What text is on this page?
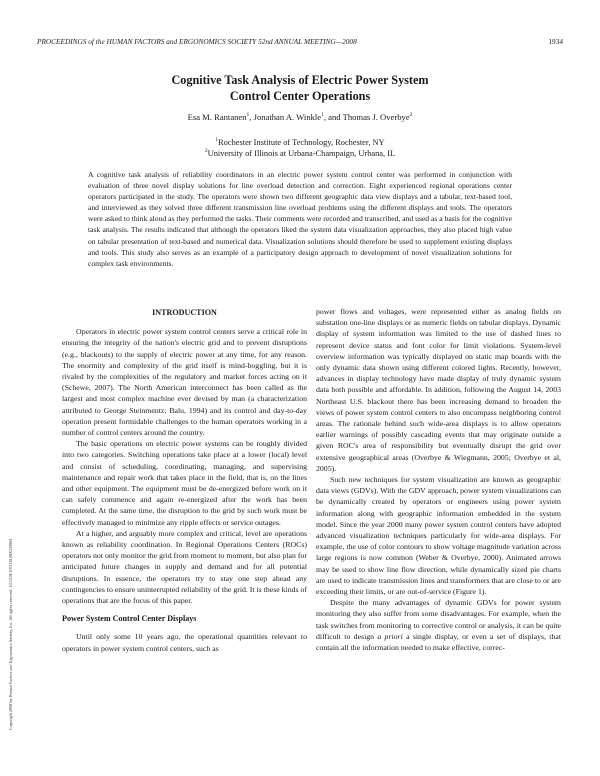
PROCEEDINGS of the HUMAN FACTORS and ERGONOMICS SOCIETY 52nd ANNUAL MEETING—2008	1934
Cognitive Task Analysis of Electric Power System
Control Center Operations
Esa M. Rantanen$^1$, Jonathan A. Winkle$^1$, and Thomas J. Overbye$^2$
$^1$Rochester Institute of Technology, Rochester, NY
$^2$University of Illinois at Urbana-Champaign, Urbana, IL

A cognitive task analysis of reliability coordinators in an electric power system control center was performed in conjunction with evaluation of three novel display solutions for line overload detection and correction. Eight experienced regional operations center operators participated in the study. The operators were shown two different geographic data view displays and a tabular, text-based tool, and interviewed as they solved three different transmission line overload problems using the different displays and tools. The operators were asked to think aloud as they performed the tasks. Their comments were recorded and transcribed, and used as a basis for the cognitive task analysis. The results indicated that although the operators liked the system data visualization approaches, they also placed high value on tabular presentation of text-based and numerical data. Visualization solutions should therefore be used to supplement existing displays and tools. This study also serves as an example of a participatory design approach to development of novel visualization solutions for complex task environments.

Copyright 2008 by Human Factors and Ergonomics Society, Inc. All rights reserved. 10.1518/107118108X350861
INTRODUCTION

Operators in electric power system control centers serve a critical role in ensuring the integrity of the nation's electric grid and to prevent disruptions (e.g., blackouts) to the supply of electric power at any time, for any reason. The enormity and complexity of the grid itself is mind-boggling, but it is rivaled by the complexities of the regulatory and market forces acting on it (Schewe, 2007). The North American interconnect has been called as the largest and most complex machine ever devised by man (a characterization attributed to George Steinmentz; Balu, 1994) and its control and day-to-day operation present formidable challenges to the human operators working in a number of control centers around the country.

The basic operations on electric power systems can be roughly divided into two categories. Switching operations take place at a lower (local) level and consist of scheduling, coordinating, managing, and supervising maintenance and repair work that takes place in the field, that is, on the lines and other equipment. The equipment must be de-energized before work on it can safely commence and again re-energized after the work has been completed. At the same time, the disruption to the grid by such work must be effectively managed to minimize any ripple effects or service outages.

At a higher, and arguably more complex and critical, level are operations known as reliability coordination. In Regional Operations Centers (ROCs) operators not only monitor the grid from moment to moment, but also plan for anticipated future changes in supply and demand and for all potential disruptions. In essence, the operators try to stay one step ahead any contingencies to ensure uninterrupted reliability of the grid. It is these kinds of operations that are the focus of this paper.

Power System Control Center Displays

Until only some 10 years ago, the operational quantities relevant to operators in power system control centers, such as

power flows and voltages, were represented either as analog fields on substation one-line displays or as numeric fields on tabular displays. Dynamic display of system information was limited to the use of dashed lines to represent device status and font color for limit violations. System-level overview information was typically displayed on static map boards with the only dynamic data shown using different colored lights. Recently, however, advances in display technology have made display of truly dynamic system data both possible and affordable. In addition, following the August 14, 2003 Northeast U.S. blackout there has been increasing demand to broaden the views of power system control centers to also encompass neighboring control areas. The rationale behind such wide-area displays is to allow operators earlier warnings of possibly cascading events that may originate outside a given ROC's area of responsibility but eventually disrupt the grid over extensive geographical areas (Overbye & Wiegmann, 2005; Overbye et al, 2005).

Such new techniques for system visualization are known as geographic data views (GDVs). With the GDV approach, power system visualizations can be dynamically created by operators or engineers using power system information along with geographic information embedded in the system model. Since the year 2000 many power system control centers have adopted advanced visualization techniques particularly for wide-area displays. For example, the use of color contours to show voltage magnitude variation across large regions is now common (Weber & Overbye, 2000). Animated arrows may be used to show line flow direction, while dynamically sized pie charts are used to indicate transmission lines and transformers that are close to or are exceeding their limits, or are out-of-service (Figure 1).

Despite the many advantages of dynamic GDVs for power system monitoring they also suffer from some disadvantages. For example, when the task switches from monitoring to corrective control or analysis, it can be quite difficult to design a priori a single display, or even a set of displays, that contain all the information needed to make effective, correc-
